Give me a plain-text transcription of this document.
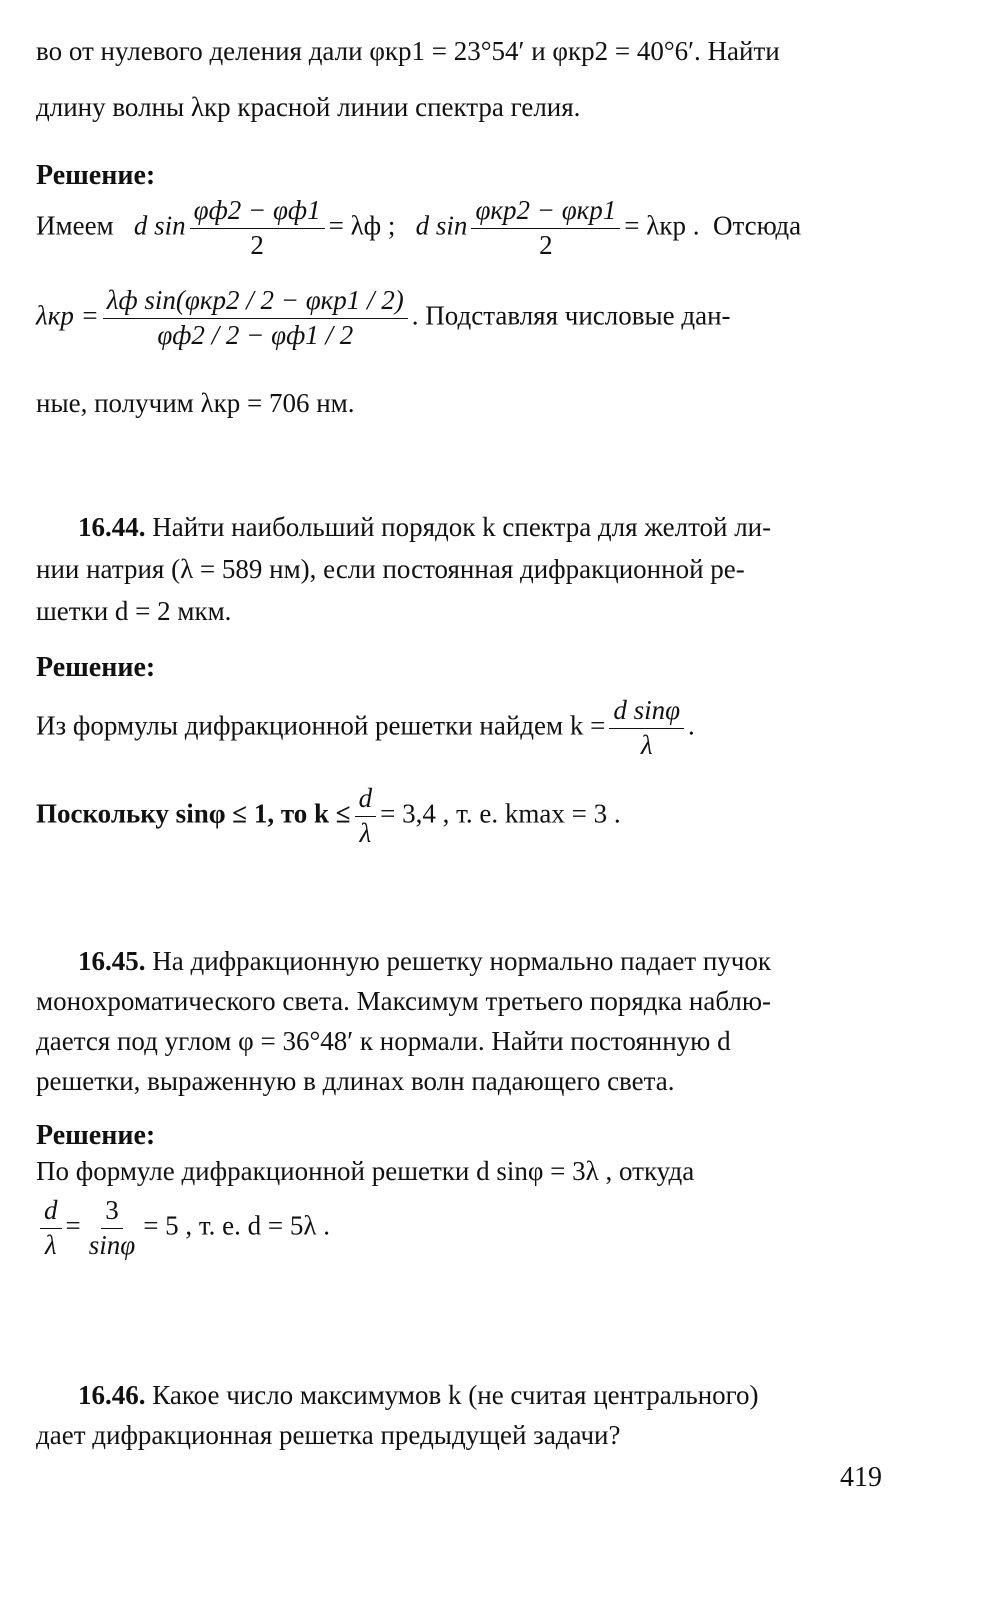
во от нулевого деления дали φкр1 = 23°54′ и φкр2 = 40°6′. Найти
длину волны λкр красной линии спектра гелия.
Решение:
Имеем   d $\sin \frac{\varphi ф2 - \varphi ф1}{2} = \lambda ф$ ;   d $\sin \frac{\text{φкр2 − φкр1}}{2} = \lambda кр$ . Отсюда
$\lambda кр = \frac{\text{λф sin(φкр2 / 2 − φкр1 / 2)}}{\varphi ф2 / 2 - \varphi ф1 / 2}$ . Подставляя числовые дан-
ные, получим λкр = 706 нм.
16.44. Найти наибольший порядок k спектра для желтой ли-
нии натрия (λ = 589 нм), если постоянная дифракционной ре-
шетки d = 2 мкм.
Решение:
Из формулы дифракционной решетки найдем $k = \frac{\text{d sinφ}}{\lambda}$ .
Поскольку sinφ ≤ 1, то $k \le \frac{d}{\lambda} = 3,4$ , т. е. kmax = 3 .
16.45. На дифракционную решетку нормально падает пучок
монохроматического света. Максимум третьего порядка наблю-
дается под углом φ = 36°48′ к нормали. Найти постоянную d
решетки, выраженную в длинах волн падающего света.
Решение:
По формуле дифракционной решетки d sinφ = 3λ , откуда
$\frac{d}{\lambda} = \frac{3}{\sin\varphi} = 5$ , т. е. d = 5λ .
16.46. Какое число максимумов k (не считая центрального)
дает дифракционная решетка предыдущей задачи?
419
